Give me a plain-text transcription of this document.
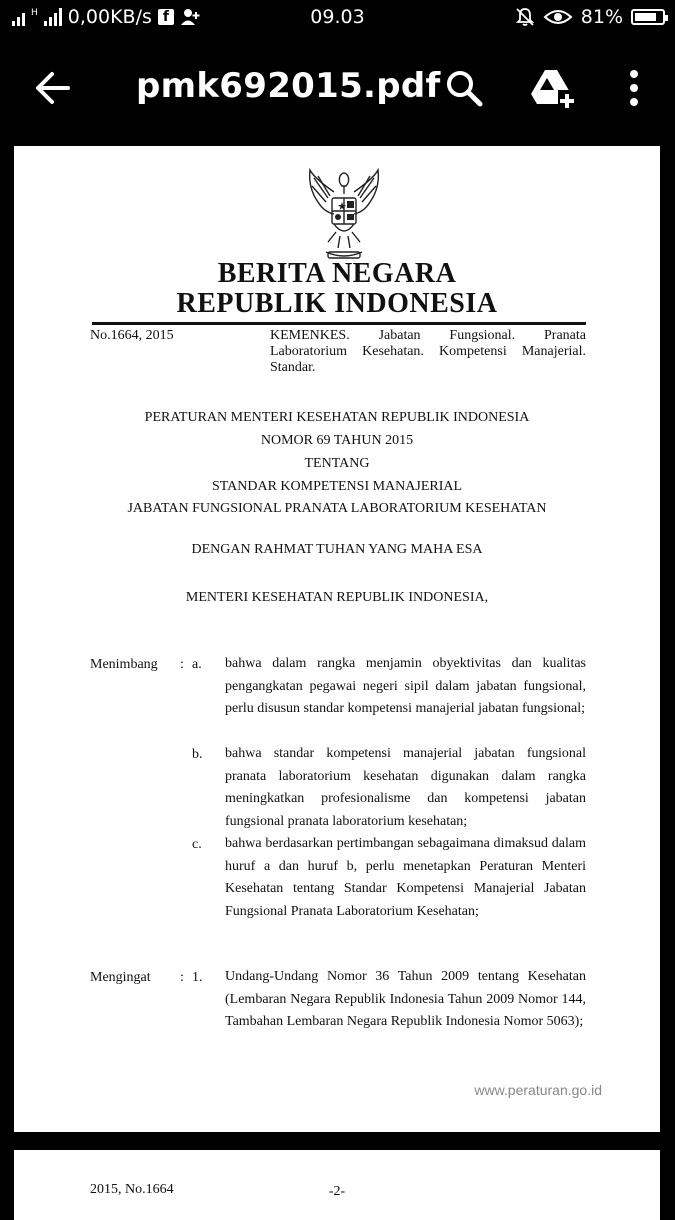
H 0,00KB/s f	09.03	81%
pmk692015.pdf
BERITA NEGARA
REPUBLIK INDONESIA
No.1664, 2015	KEMENKES. Jabatan Fungsional. Pranata Laboratorium Kesehatan. Kompetensi Manajerial. Standar.
PERATURAN MENTERI KESEHATAN REPUBLIK INDONESIA
NOMOR 69 TAHUN 2015
TENTANG
STANDAR KOMPETENSI MANAJERIAL
JABATAN FUNGSIONAL PRANATA LABORATORIUM KESEHATAN
DENGAN RAHMAT TUHAN YANG MAHA ESA
MENTERI KESEHATAN REPUBLIK INDONESIA,
Menimbang : a. bahwa dalam rangka menjamin obyektivitas dan kualitas pengangkatan pegawai negeri sipil dalam jabatan fungsional, perlu disusun standar kompetensi manajerial jabatan fungsional;
b. bahwa standar kompetensi manajerial jabatan fungsional pranata laboratorium kesehatan digunakan dalam rangka meningkatkan profesionalisme dan kompetensi jabatan fungsional pranata laboratorium kesehatan;
c. bahwa berdasarkan pertimbangan sebagaimana dimaksud dalam huruf a dan huruf b, perlu menetapkan Peraturan Menteri Kesehatan tentang Standar Kompetensi Manajerial Jabatan Fungsional Pranata Laboratorium Kesehatan;
Mengingat : 1. Undang-Undang Nomor 36 Tahun 2009 tentang Kesehatan (Lembaran Negara Republik Indonesia Tahun 2009 Nomor 144, Tambahan Lembaran Negara Republik Indonesia Nomor 5063);
www.peraturan.go.id
2015, No.1664	-2-
